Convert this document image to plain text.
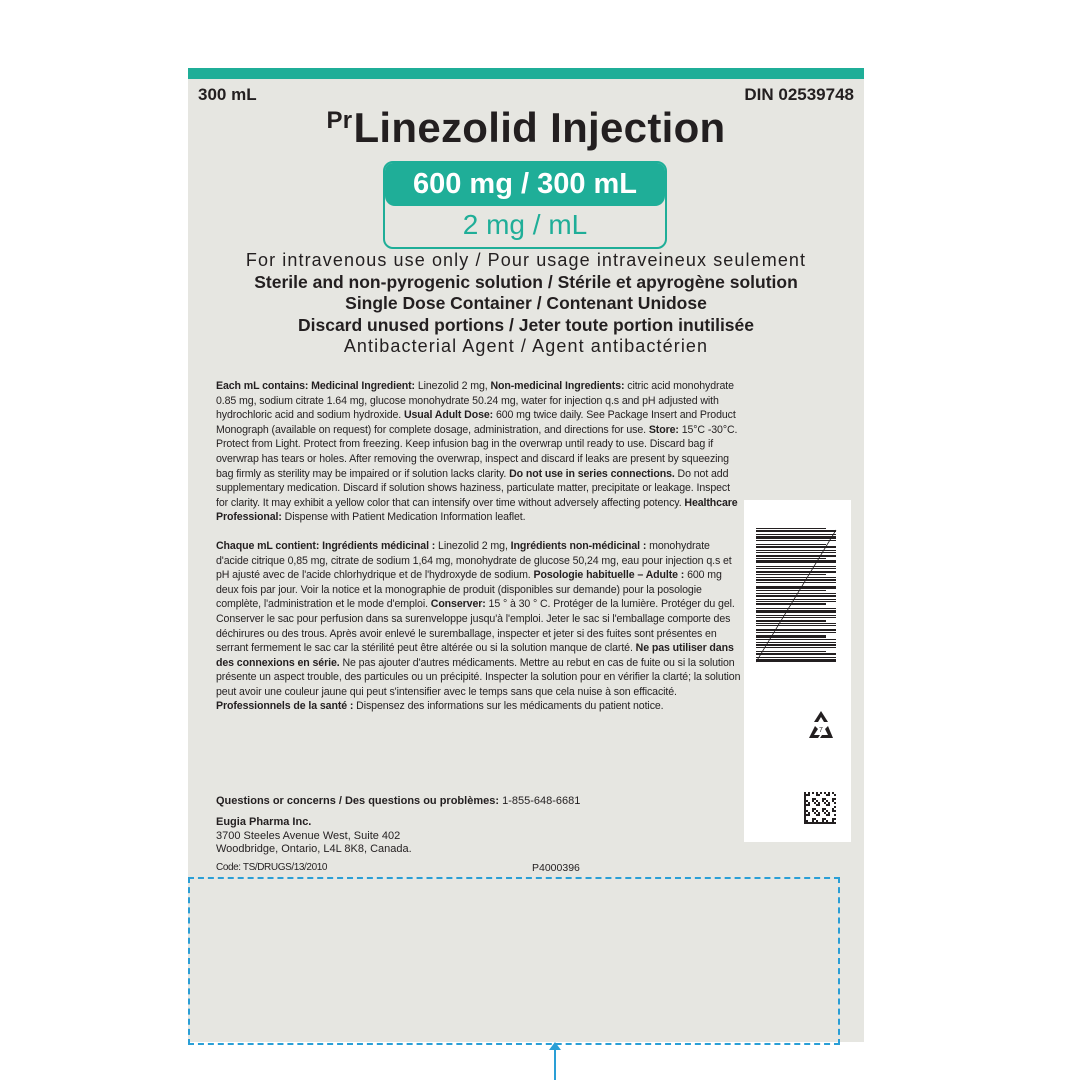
300 mL	DIN 02539748
$^{Pr}$Linezolid Injection
600 mg / 300 mL
2 mg / mL
For intravenous use only / Pour usage intraveineux seulement
Sterile and non-pyrogenic solution / Stérile et apyrogène solution
Single Dose Container / Contenant Unidose
Discard unused portions / Jeter toute portion inutilisée
Antibacterial Agent / Agent antibactérien

Each mL contains: Medicinal Ingredient: Linezolid 2 mg, Non-medicinal Ingredients: citric acid monohydrate 0.85 mg, sodium citrate 1.64 mg, glucose monohydrate 50.24 mg, water for injection q.s and pH adjusted with hydrochloric acid and sodium hydroxide. Usual Adult Dose: 600 mg twice daily. See Package Insert and Product Monograph (available on request) for complete dosage, administration, and directions for use. Store: 15°C -30°C. Protect from Light. Protect from freezing. Keep infusion bag in the overwrap until ready to use. Discard bag if overwrap has tears or holes. After removing the overwrap, inspect and discard if leaks are present by squeezing bag firmly as sterility may be impaired or if solution lacks clarity. Do not use in series connections. Do not add supplementary medication. Discard if solution shows haziness, particulate matter, precipitate or leakage. Inspect for clarity. It may exhibit a yellow color that can intensify over time without adversely affecting potency. Healthcare Professional: Dispense with Patient Medication Information leaflet.

Chaque mL contient: Ingrédients médicinal : Linezolid 2 mg, Ingrédients non-médicinal : monohydrate d'acide citrique 0,85 mg, citrate de sodium 1,64 mg, monohydrate de glucose 50,24 mg, eau pour injection q.s et pH ajusté avec de l'acide chlorhydrique et de l'hydroxyde de sodium. Posologie habituelle – Adulte : 600 mg deux fois par jour. Voir la notice et la monographie de produit (disponibles sur demande) pour la posologie complète, l'administration et le mode d'emploi. Conserver: 15 ° à 30 ° C. Protéger de la lumière. Protéger du gel. Conserver le sac pour perfusion dans sa surenveloppe jusqu'à l'emploi. Jeter le sac si l'emballage comporte des déchirures ou des trous. Après avoir enlevé le suremballage, inspecter et jeter si des fuites sont présentes en serrant fermement le sac car la stérilité peut être altérée ou si la solution manque de clarté. Ne pas utiliser dans des connexions en série. Ne pas ajouter d'autres médicaments. Mettre au rebut en cas de fuite ou si la solution présente un aspect trouble, des particules ou un précipité. Inspecter la solution pour en vérifier la clarté; la solution peut avoir une couleur jaune qui peut s'intensifier avec le temps sans que cela nuise à son efficacité. Professionnels de la santé : Dispensez des informations sur les médicaments du patient notice.

Questions or concerns / Des questions ou problèmes: 1-855-648-6681
Eugia Pharma Inc.
3700 Steeles Avenue West, Suite 402
Woodbridge, Ontario, L4L 8K8, Canada.
Code: TS/DRUGS/13/2010	P4000396
7
